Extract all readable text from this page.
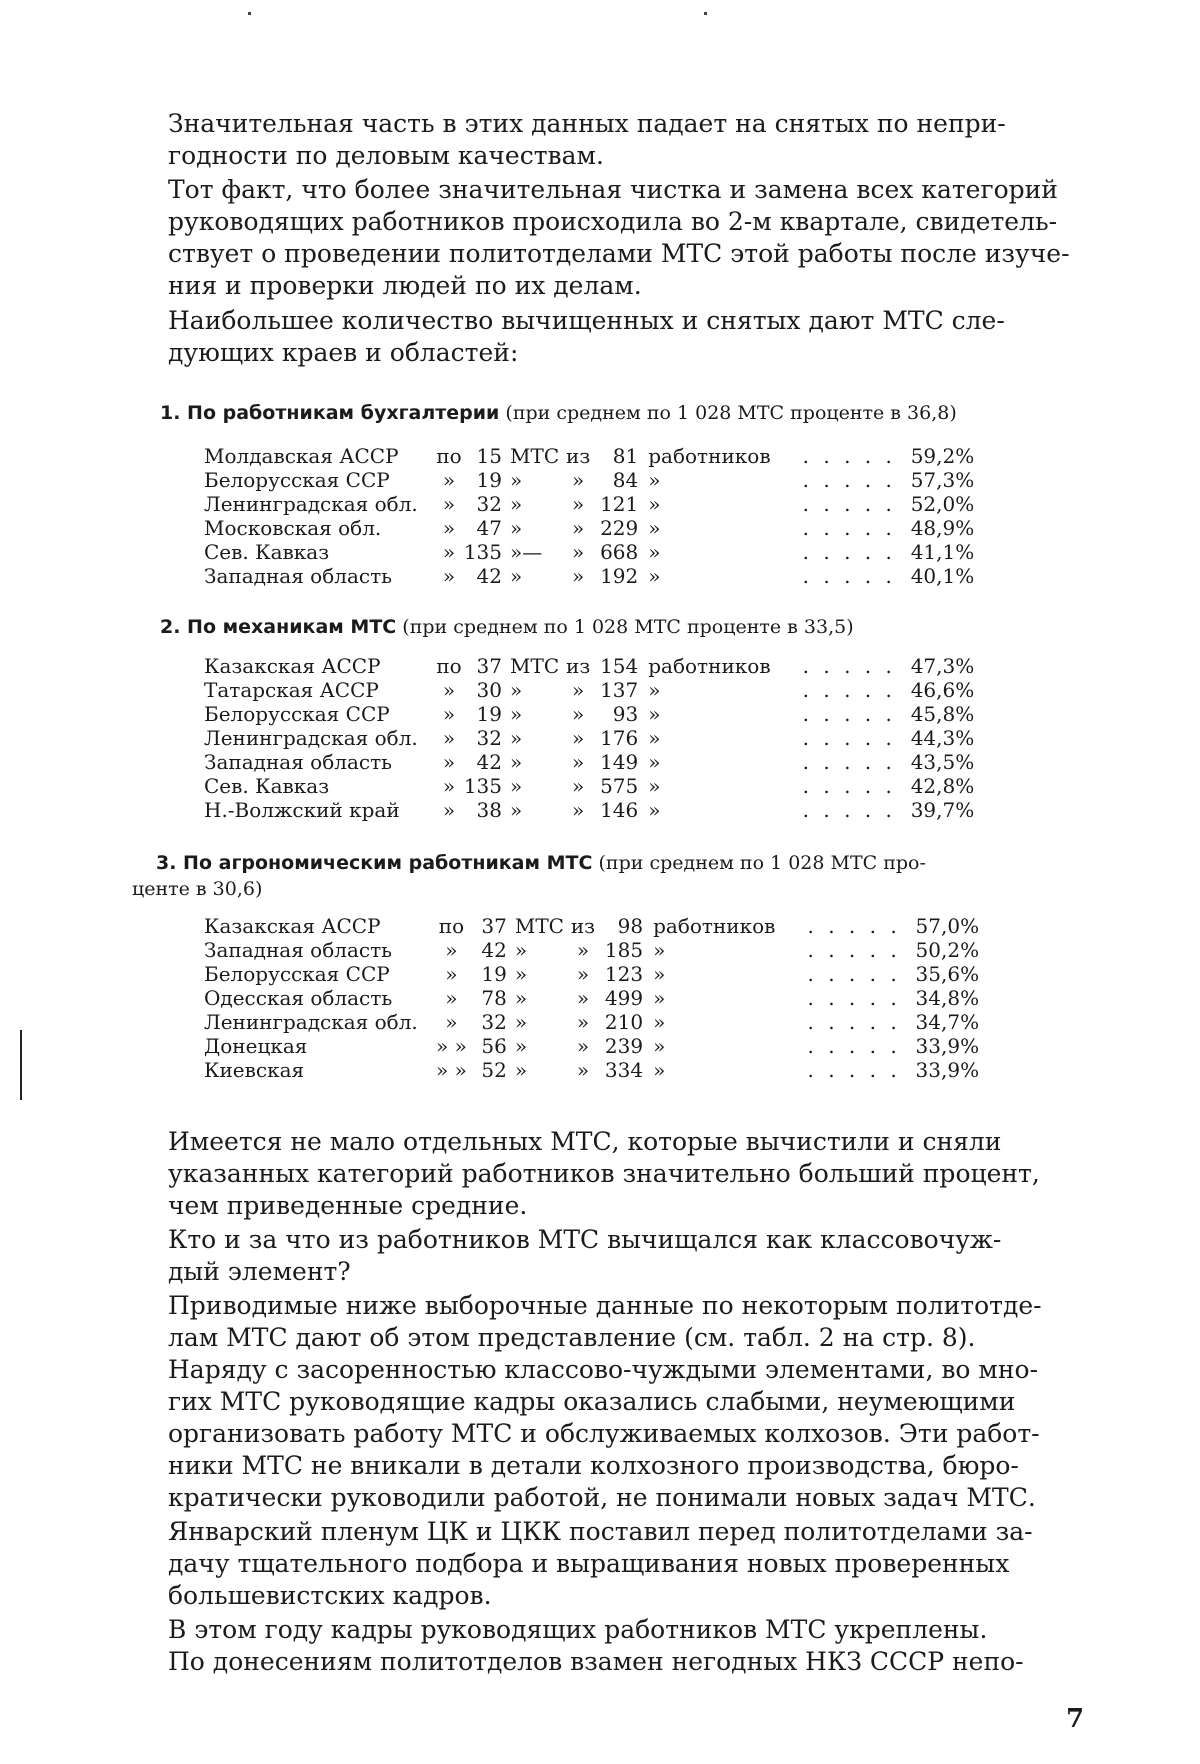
Значительная часть в этих данных падает на снятых по непри-
годности по деловым качествам.

Тот факт, что более значительная чистка и замена всех категорий
руководящих работников происходила во 2-м квартале, свидетель-
ствует о проведении политотделами МТС этой работы после изуче-
ния и проверки людей по их делам.

Наибольшее количество вычищенных и снятых дают МТС сле-
дующих краев и областей:

1. По работникам бухгалтерии (при среднем по 1 028 МТС проценте в 36,8)
Молдавская АССР	по	15	МТС	из	81	работников	. . . . .	59,2%
Белорусская ССР	»	19	»	»	84	»	. . . . .	57,3%
Ленинградская обл.	»	32	»	»	121	»	. . . . .	52,0%
Московская обл.	»	47	»	»	229	»	. . . . .	48,9%
Сев. Кавказ	»	135	»—	»	668	»	. . . . .	41,1%
Западная область	»	42	»	»	192	»	. . . . .	40,1%
2. По механикам МТС (при среднем по 1 028 МТС проценте в 33,5)
Казакская АССР	по	37	МТС	из	154	работников	. . . . .	47,3%
Татарская АССР	»	30	»	»	137	»	. . . . .	46,6%
Белорусская ССР	»	19	»	»	93	»	. . . . .	45,8%
Ленинградская обл.	»	32	»	»	176	»	. . . . .	44,3%
Западная область	»	42	»	»	149	»	. . . . .	43,5%
Сев. Кавказ	»	135	»	»	575	»	. . . . .	42,8%
Н.-Волжский край	»	38	»	»	146	»	. . . . .	39,7%
3. По агрономическим работникам МТС (при среднем по 1 028 МТС про-
центе в 30,6)
Казакская АССР	по	37	МТС	из	98	работников	. . . . .	57,0%
Западная область	»	42	»	»	185	»	. . . . .	50,2%
Белорусская ССР	»	19	»	»	123	»	. . . . .	35,6%
Одесская область	»	78	»	»	499	»	. . . . .	34,8%
Ленинградская обл.	»	32	»	»	210	»	. . . . .	34,7%
Донецкая	» »	56	»	»	239	»	. . . . .	33,9%
Киевская	» »	52	»	»	334	»	. . . . .	33,9%

Имеется не мало отдельных МТС, которые вычистили и сняли
указанных категорий работников значительно больший процент,
чем приведенные средние.

Кто и за что из работников МТС вычищался как классовочуж-
дый элемент?

Приводимые ниже выборочные данные по некоторым политотде-
лам МТС дают об этом представление (см. табл. 2 на стр. 8).

Наряду с засоренностью классово-чуждыми элементами, во мно-
гих МТС руководящие кадры оказались слабыми, неумеющими
организовать работу МТС и обслуживаемых колхозов. Эти работ-
ники МТС не вникали в детали колхозного производства, бюро-
кратически руководили работой, не понимали новых задач МТС.

Январский пленум ЦК и ЦКК поставил перед политотделами за-
дачу тщательного подбора и выращивания новых проверенных
большевистских кадров.

В этом году кадры руководящих работников МТС укреплены.
По донесениям политотделов взамен негодных НКЗ СССР непо-

7
